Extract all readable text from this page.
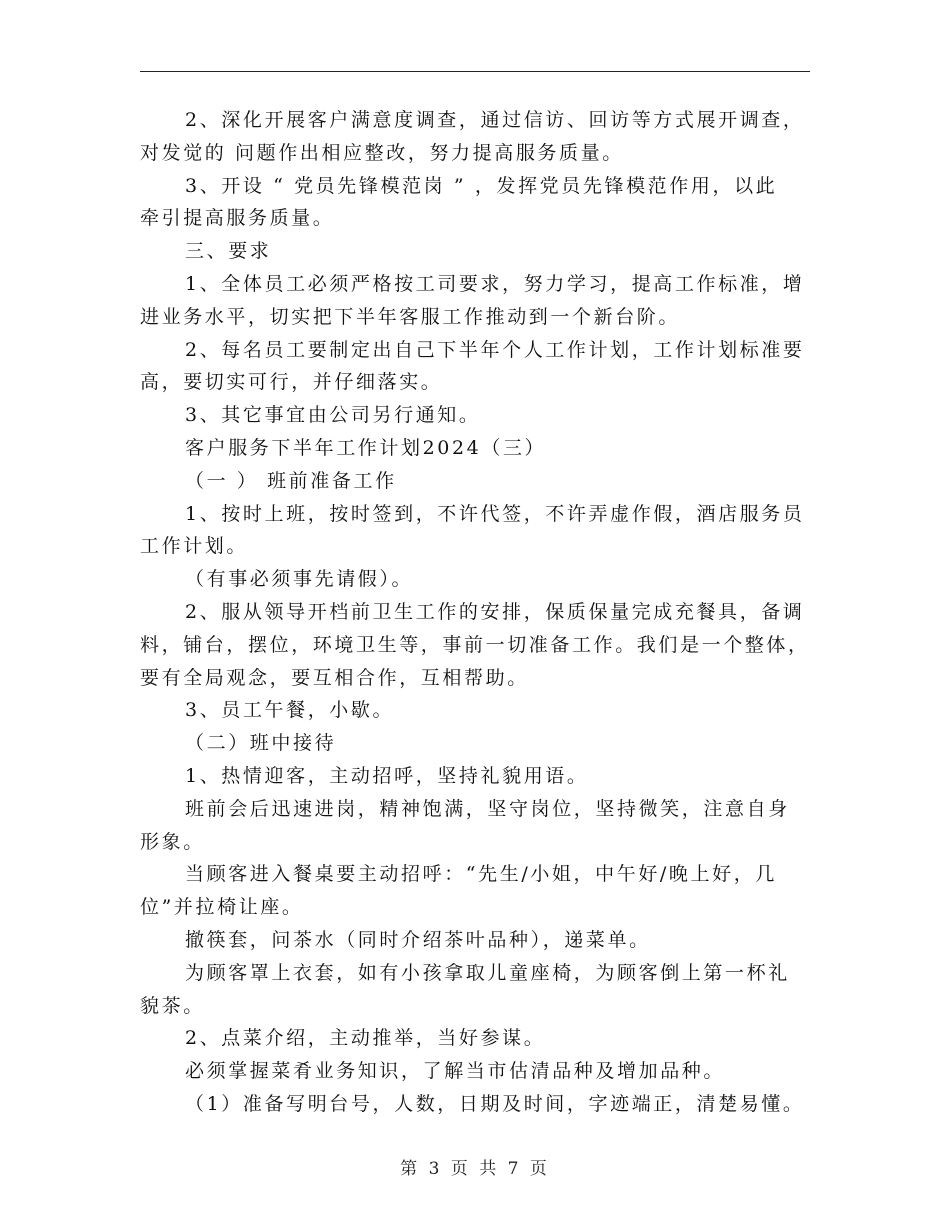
2、深化开展客户满意度调查，通过信访、回访等方式展开调查，

对发觉的 问题作出相应整改，努力提高服务质量。

3、开设 “ 党员先锋模范岗 ” ，发挥党员先锋模范作用，以此

牵引提高服务质量。

三、要求

1、全体员工必须严格按工司要求，努力学习，提高工作标准，增

进业务水平，切实把下半年客服工作推动到一个新台阶。

2、每名员工要制定出自己下半年个人工作计划，工作计划标准要

高，要切实可行，并仔细落实。

3、其它事宜由公司另行通知。

客户服务下半年工作计划2024（三）

（一 ） 班前准备工作

1、按时上班，按时签到，不许代签，不许弄虚作假，酒店服务员

工作计划。

（有事必须事先请假）。

2、服从领导开档前卫生工作的安排，保质保量完成充餐具，备调

料，铺台，摆位，环境卫生等，事前一切准备工作。我们是一个整体，

要有全局观念，要互相合作，互相帮助。

3、员工午餐，小歇。

（二）班中接待

1、热情迎客，主动招呼，坚持礼貌用语。

班前会后迅速进岗，精神饱满，坚守岗位，坚持微笑，注意自身

形象。

当顾客进入餐桌要主动招呼：“先生/小姐，中午好/晚上好，几

位”并拉椅让座。

撤筷套，问茶水（同时介绍茶叶品种），递菜单。

为顾客罩上衣套，如有小孩拿取儿童座椅，为顾客倒上第一杯礼

貌茶。

2、点菜介绍，主动推举，当好参谋。

必须掌握菜肴业务知识，了解当市估清品种及增加品种。

（1）准备写明台号，人数，日期及时间，字迹端正，清楚易懂。

第 3 页 共 7 页
